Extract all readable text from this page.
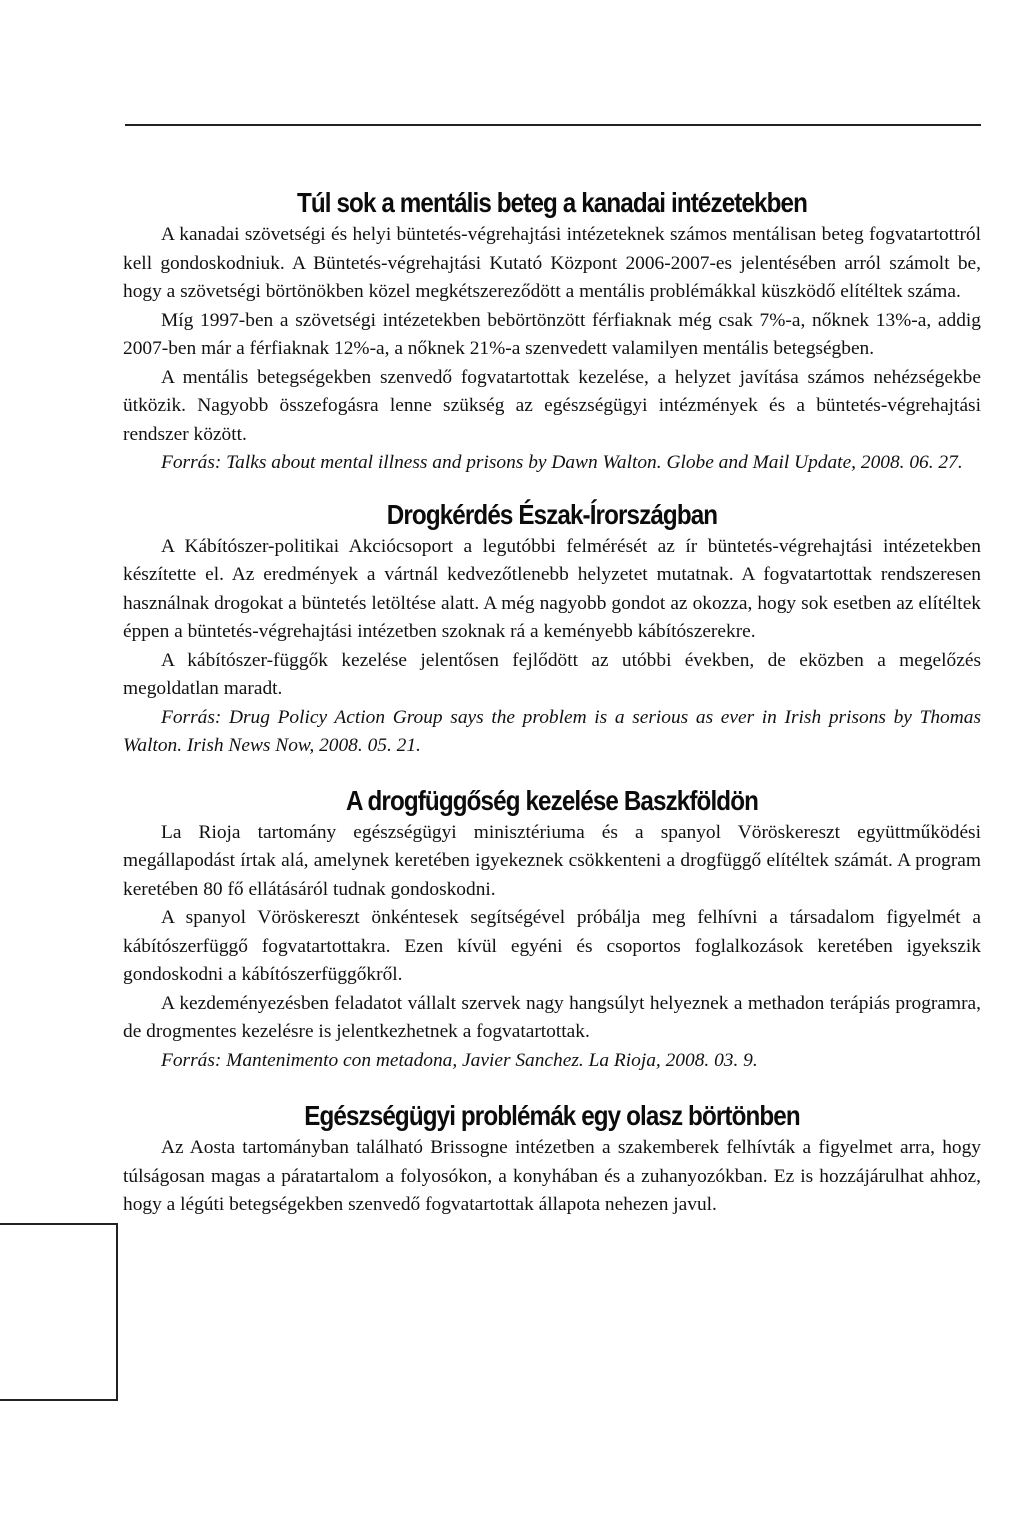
Túl sok a mentális beteg a kanadai intézetekben

A kanadai szövetségi és helyi büntetés-végrehajtási intézeteknek számos mentálisan beteg fogvatartottról kell gondoskodniuk. A Büntetés-végrehajtási Kutató Központ 2006-2007-es jelentésében arról számolt be, hogy a szövetségi börtönökben közel megkétszereződött a mentális problémákkal küszködő elítéltek száma.

Míg 1997-ben a szövetségi intézetekben bebörtönzött férfiaknak még csak 7%-a, nőknek 13%-a, addig 2007-ben már a férfiaknak 12%-a, a nőknek 21%-a szenvedett valamilyen mentális betegségben.

A mentális betegségekben szenvedő fogvatartottak kezelése, a helyzet javítása számos nehézségekbe ütközik. Nagyobb összefogásra lenne szükség az egészségügyi intézmények és a büntetés-végrehajtási rendszer között.

Forrás: Talks about mental illness and prisons by Dawn Walton. Globe and Mail Update, 2008. 06. 27.

Drogkérdés Észak-Írországban

A Kábítószer-politikai Akciócsoport a legutóbbi felmérését az ír büntetés-végrehajtási intézetekben készítette el. Az eredmények a vártnál kedvezőtlenebb helyzetet mutatnak. A fogvatartottak rendszeresen használnak drogokat a büntetés letöltése alatt. A még nagyobb gondot az okozza, hogy sok esetben az elítéltek éppen a büntetés-végrehajtási intézetben szoknak rá a keményebb kábítószerekre.

A kábítószer-függők kezelése jelentősen fejlődött az utóbbi években, de eközben a megelőzés megoldatlan maradt.

Forrás: Drug Policy Action Group says the problem is a serious as ever in Irish prisons by Thomas Walton. Irish News Now, 2008. 05. 21.

A drogfüggőség kezelése Baszkföldön

La Rioja tartomány egészségügyi minisztériuma és a spanyol Vöröskereszt együttműködési megállapodást írtak alá, amelynek keretében igyekeznek csökkenteni a drogfüggő elítéltek számát. A program keretében 80 fő ellátásáról tudnak gondoskodni.

A spanyol Vöröskereszt önkéntesek segítségével próbálja meg felhívni a társadalom figyelmét a kábítószerfüggő fogvatartottakra. Ezen kívül egyéni és csoportos foglalkozások keretében igyekszik gondoskodni a kábítószerfüggőkről.

A kezdeményezésben feladatot vállalt szervek nagy hangsúlyt helyeznek a methadon terápiás programra, de drogmentes kezelésre is jelentkezhetnek a fogvatartottak.

Forrás: Mantenimento con metadona, Javier Sanchez. La Rioja, 2008. 03. 9.

Egészségügyi problémák egy olasz börtönben

Az Aosta tartományban található Brissogne intézetben a szakemberek felhívták a figyelmet arra, hogy túlságosan magas a páratartalom a folyosókon, a konyhában és a zuhanyozókban. Ez is hozzájárulhat ahhoz, hogy a légúti betegségekben szenvedő fogvatartottak állapota nehezen javul.
